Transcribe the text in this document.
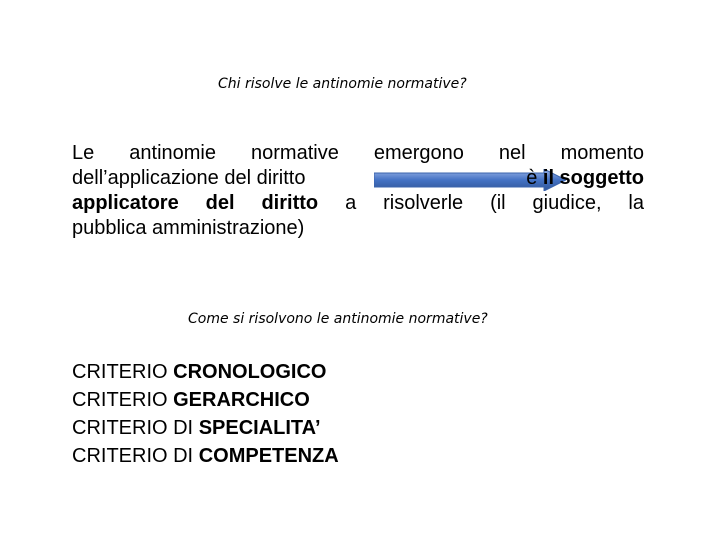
Chi risolve le antinomie normative?
Le antinomie normative emergono nel momento
dell’applicazione del diritto	è il soggetto
applicatore del diritto a risolverle (il giudice, la
pubblica amministrazione)
Come si risolvono le antinomie normative?
CRITERIO CRONOLOGICO
CRITERIO GERARCHICO
CRITERIO DI SPECIALITA’
CRITERIO DI COMPETENZA
